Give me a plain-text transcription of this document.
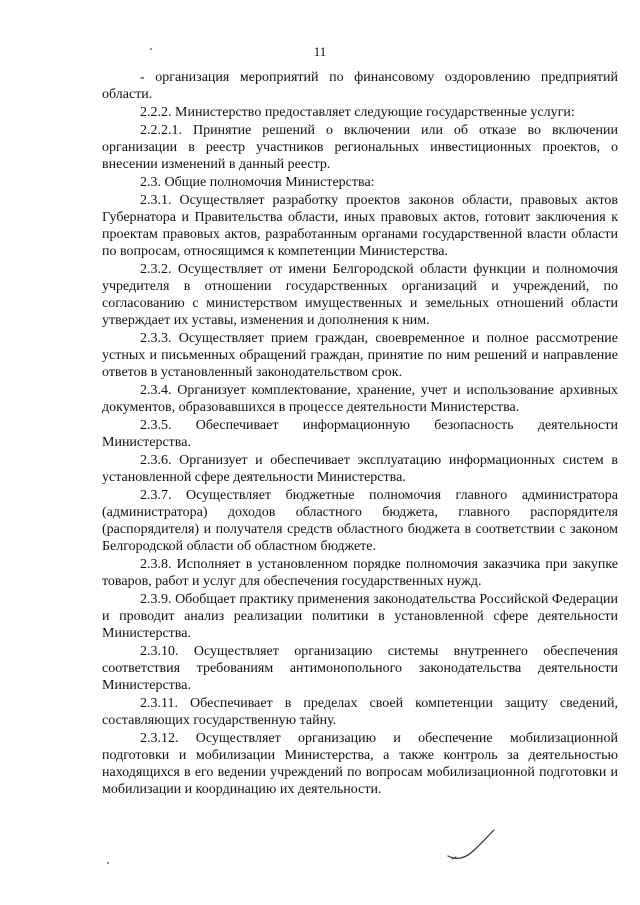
11

- организация мероприятий по финансовому оздоровлению предприятий области.

2.2.2. Министерство предоставляет следующие государственные услуги:

2.2.2.1. Принятие решений о включении или об отказе во включении организации в реестр участников региональных инвестиционных проектов, о внесении изменений в данный реестр.

2.3. Общие полномочия Министерства:

2.3.1. Осуществляет разработку проектов законов области, правовых актов Губернатора и Правительства области, иных правовых актов, готовит заключения к проектам правовых актов, разработанным органами государственной власти области по вопросам, относящимся к компетенции Министерства.

2.3.2. Осуществляет от имени Белгородской области функции и полномочия учредителя в отношении государственных организаций и учреждений, по согласованию с министерством имущественных и земельных отношений области утверждает их уставы, изменения и дополнения к ним.

2.3.3. Осуществляет прием граждан, своевременное и полное рассмотрение устных и письменных обращений граждан, принятие по ним решений и направление ответов в установленный законодательством срок.

2.3.4. Организует комплектование, хранение, учет и использование архивных документов, образовавшихся в процессе деятельности Министерства.

2.3.5. Обеспечивает информационную безопасность деятельности Министерства.

2.3.6. Организует и обеспечивает эксплуатацию информационных систем в установленной сфере деятельности Министерства.

2.3.7. Осуществляет бюджетные полномочия главного администратора (администратора) доходов областного бюджета, главного распорядителя (распорядителя) и получателя средств областного бюджета в соответствии с законом Белгородской области об областном бюджете.

2.3.8. Исполняет в установленном порядке полномочия заказчика при закупке товаров, работ и услуг для обеспечения государственных нужд.

2.3.9. Обобщает практику применения законодательства Российской Федерации и проводит анализ реализации политики в установленной сфере деятельности Министерства.

2.3.10. Осуществляет организацию системы внутреннего обеспечения соответствия требованиям антимонопольного законодательства деятельности Министерства.

2.3.11. Обеспечивает в пределах своей компетенции защиту сведений, составляющих государственную тайну.

2.3.12. Осуществляет организацию и обеспечение мобилизационной подготовки и мобилизации Министерства, а также контроль за деятельностью находящихся в его ведении учреждений по вопросам мобилизационной подготовки и мобилизации и координацию их деятельности.
